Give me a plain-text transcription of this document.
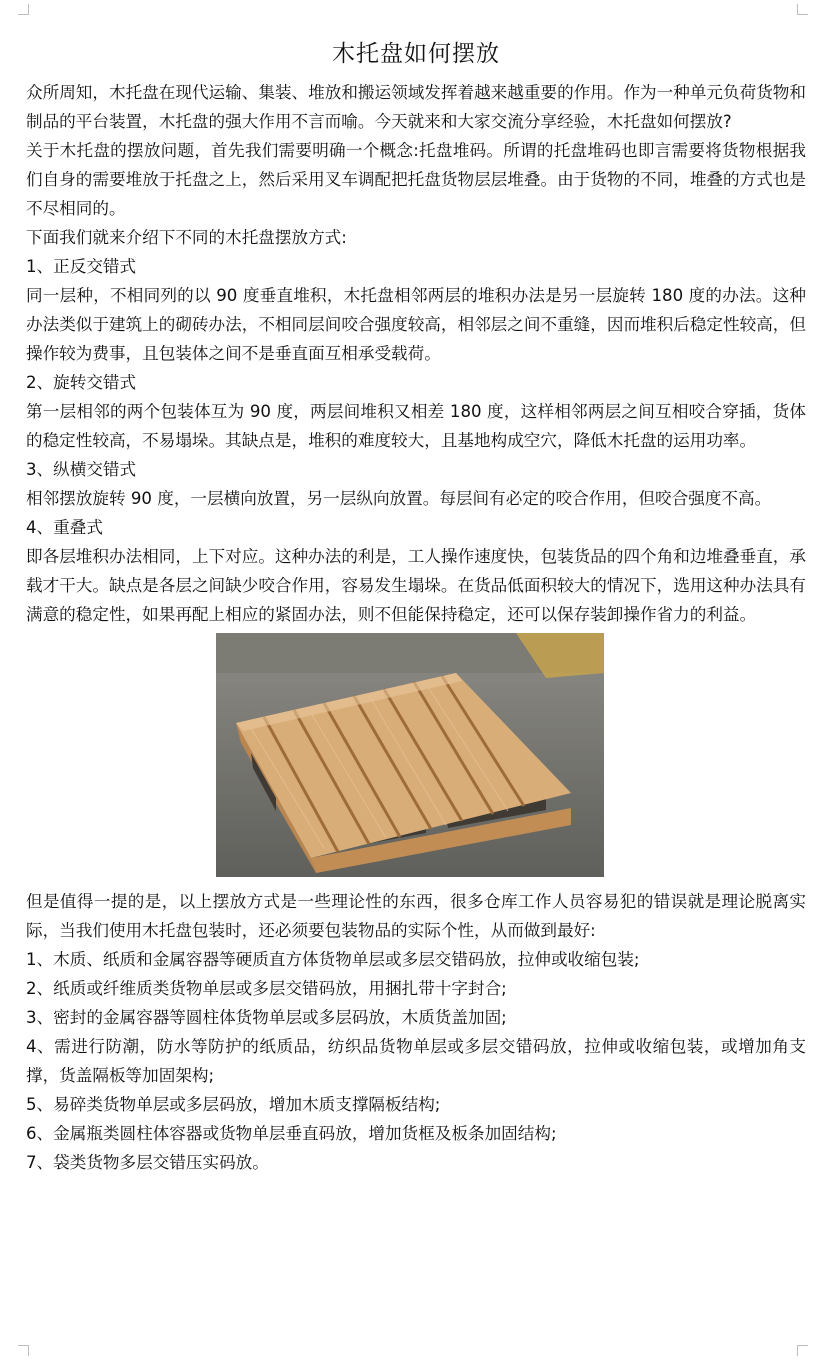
木托盘如何摆放

众所周知，木托盘在现代运输、集装、堆放和搬运领域发挥着越来越重要的作用。作为一种单元负荷货物和制品的平台装置，木托盘的强大作用不言而喻。今天就来和大家交流分享经验，木托盘如何摆放?

关于木托盘的摆放问题，首先我们需要明确一个概念:托盘堆码。所谓的托盘堆码也即言需要将货物根据我们自身的需要堆放于托盘之上，然后采用叉车调配把托盘货物层层堆叠。由于货物的不同，堆叠的方式也是不尽相同的。

下面我们就来介绍下不同的木托盘摆放方式:

1、正反交错式

同一层种，不相同列的以 90 度垂直堆积，木托盘相邻两层的堆积办法是另一层旋转 180 度的办法。这种办法类似于建筑上的砌砖办法，不相同层间咬合强度较高，相邻层之间不重缝，因而堆积后稳定性较高，但操作较为费事，且包装体之间不是垂直面互相承受载荷。

2、旋转交错式

第一层相邻的两个包装体互为 90 度，两层间堆积又相差 180 度，这样相邻两层之间互相咬合穿插，货体的稳定性较高，不易塌垛。其缺点是，堆积的难度较大，且基地构成空穴，降低木托盘的运用功率。

3、纵横交错式

相邻摆放旋转 90 度，一层横向放置，另一层纵向放置。每层间有必定的咬合作用，但咬合强度不高。

4、重叠式

即各层堆积办法相同，上下对应。这种办法的利是，工人操作速度快，包装货品的四个角和边堆叠垂直，承载才干大。缺点是各层之间缺少咬合作用，容易发生塌垛。在货品低面积较大的情况下，选用这种办法具有满意的稳定性，如果再配上相应的紧固办法，则不但能保持稳定，还可以保存装卸操作省力的利益。

但是值得一提的是，以上摆放方式是一些理论性的东西，很多仓库工作人员容易犯的错误就是理论脱离实际，当我们使用木托盘包装时，还必须要包装物品的实际个性，从而做到最好:

1、木质、纸质和金属容器等硬质直方体货物单层或多层交错码放，拉伸或收缩包装;

2、纸质或纤维质类货物单层或多层交错码放，用捆扎带十字封合;

3、密封的金属容器等圆柱体货物单层或多层码放，木质货盖加固;

4、需进行防潮，防水等防护的纸质品，纺织品货物单层或多层交错码放，拉伸或收缩包装，或增加角支撑，货盖隔板等加固架构;

5、易碎类货物单层或多层码放，增加木质支撑隔板结构;

6、金属瓶类圆柱体容器或货物单层垂直码放，增加货框及板条加固结构;

7、袋类货物多层交错压实码放。
